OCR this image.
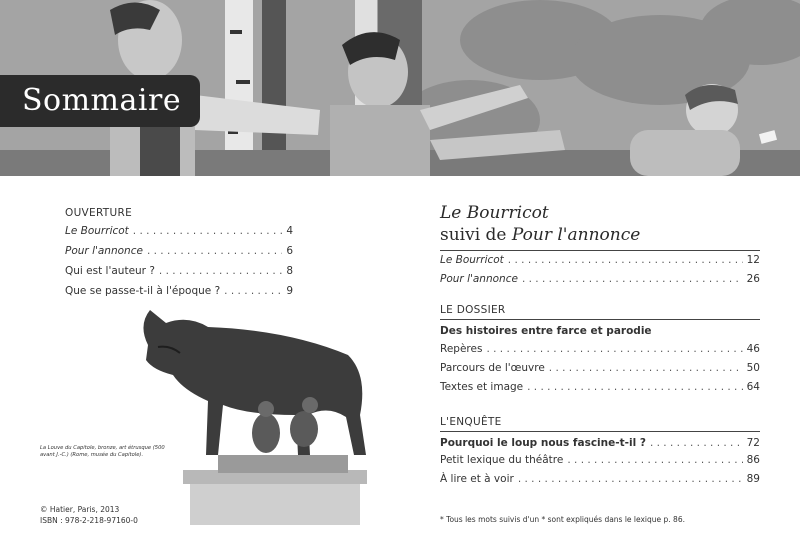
Sommaire
OUVERTURE
Le Bourricot . . .	4
Pour l'annonce . . .	6
Qui est l'auteur ? . . .	8
Que se passe-t-il à l'époque ? . . .	9
La Louve du Capitole, bronze, art étrusque (500 avant J.-C.) (Rome, musée du Capitole).
© Hatier, Paris, 2013
ISBN : 978-2-218-97160-0
Le Bourricot
suivi de Pour l'annonce
Le Bourricot . . .	12
Pour l'annonce . . .	26
LE DOSSIER
Des histoires entre farce et parodie
Repères . . .	46
Parcours de l'œuvre . . .	50
Textes et image . . .	64
L'ENQUÊTE
Pourquoi le loup nous fascine-t-il ? . . .	72
Petit lexique du théâtre . . .	86
À lire et à voir . . .	89
* Tous les mots suivis d'un * sont expliqués dans le lexique p. 86.
